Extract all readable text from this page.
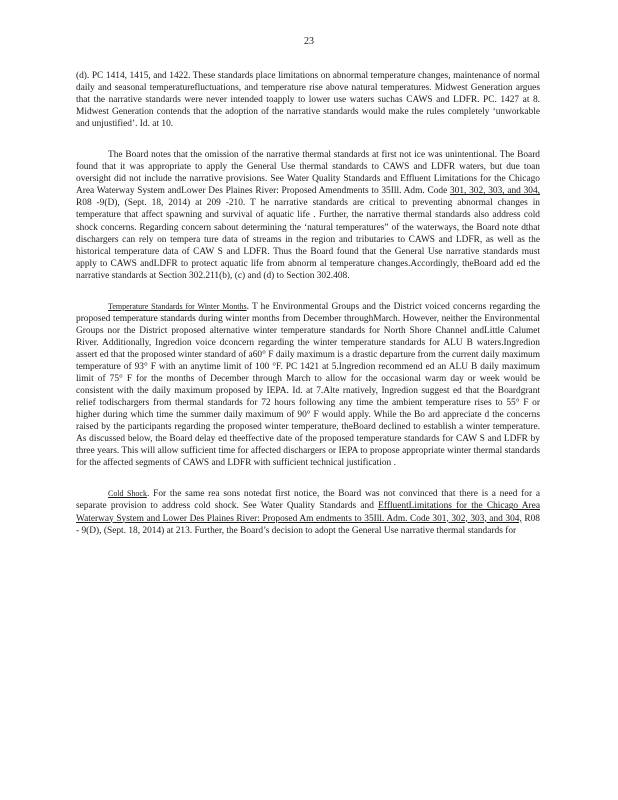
23

(d). PC 1414, 1415, and 1422. These standards place limitations on abnormal temperature changes, maintenance of normal daily and seasonal temperaturefluctuations, and temperature rise above natural temperatures. Midwest Generation argues that the narrative standards were never intended toapply to lower use waters suchas CAWS and LDFR. PC. 1427 at 8. Midwest Generation contends that the adoption of the narrative standards would make the rules completely ‘unworkable and unjustified’. Id. at 10.

The Board notes that the omission of the narrative thermal standards at first not ice was unintentional. The Board found that it was appropriate to apply the General Use thermal standards to CAWS and LDFR waters, but due toan oversight did not include the narrative provisions. See Water Quality Standards and Effluent Limitations for the Chicago Area Waterway System andLower Des Plaines River: Proposed Amendments to 35Ill. Adm. Code 301, 302, 303, and 304, R08 -9(D), (Sept. 18, 2014) at 209 -210. T he narrative standards are critical to preventing abnormal changes in temperature that affect spawning and survival of aquatic life . Further, the narrative thermal standards also address cold shock concerns. Regarding concern sabout determining the ‘natural temperatures” of the waterways, the Board note dthat dischargers can rely on tempera ture data of streams in the region and tributaries to CAWS and LDFR, as well as the historical temperature data of CAW S and LDFR. Thus the Board found that the General Use narrative standards must apply to CAWS andLDFR to protect aquatic life from abnorm al temperature changes.Accordingly, theBoard add ed the narrative standards at Section 302.211(b), (c) and (d) to Section 302.408.

Temperature Standards for Winter Months. T he Environmental Groups and the District voiced concerns regarding the proposed temperature standards during winter months from December throughMarch. However, neither the Environmental Groups nor the District proposed alternative winter temperature standards for North Shore Channel andLittle Calumet River. Additionally, Ingredion voice dconcern regarding the winter temperature standards for ALU B waters.Ingredion assert ed that the proposed winter standard of a60° F daily maximum is a drastic departure from the current daily maximum temperature of 93° F with an anytime limit of 100 °F. PC 1421 at 5.Ingredion recommend ed an ALU B daily maximum limit of 75° F for the months of December through March to allow for the occasional warm day or week would be consistent with the daily maximum proposed by IEPA. Id. at 7.Alte rnatively, Ingredion suggest ed that the Boardgrant relief todischargers from thermal standards for 72 hours following any time the ambient temperature rises to 55° F or higher during which time the summer daily maximum of 90° F would apply. While the Bo ard appreciate d the concerns raised by the participants regarding the proposed winter temperature, theBoard declined to establish a winter temperature. As discussed below, the Board delay ed theeffective date of the proposed temperature standards for CAW S and LDFR by three years. This will allow sufficient time for affected dischargers or IEPA to propose appropriate winter thermal standards for the affected segments of CAWS and LDFR with sufficient technical justification .

Cold Shock. For the same rea sons notedat first notice, the Board was not convinced that there is a need for a separate provision to address cold shock. See Water Quality Standards and EffluentLimitations for the Chicago Area Waterway System and Lower Des Plaines River: Proposed Am endments to 35Ill. Adm. Code 301, 302, 303, and 304, R08 - 9(D), (Sept. 18, 2014) at 213. Further, the Board’s decision to adopt the General Use narrative thermal standards for
